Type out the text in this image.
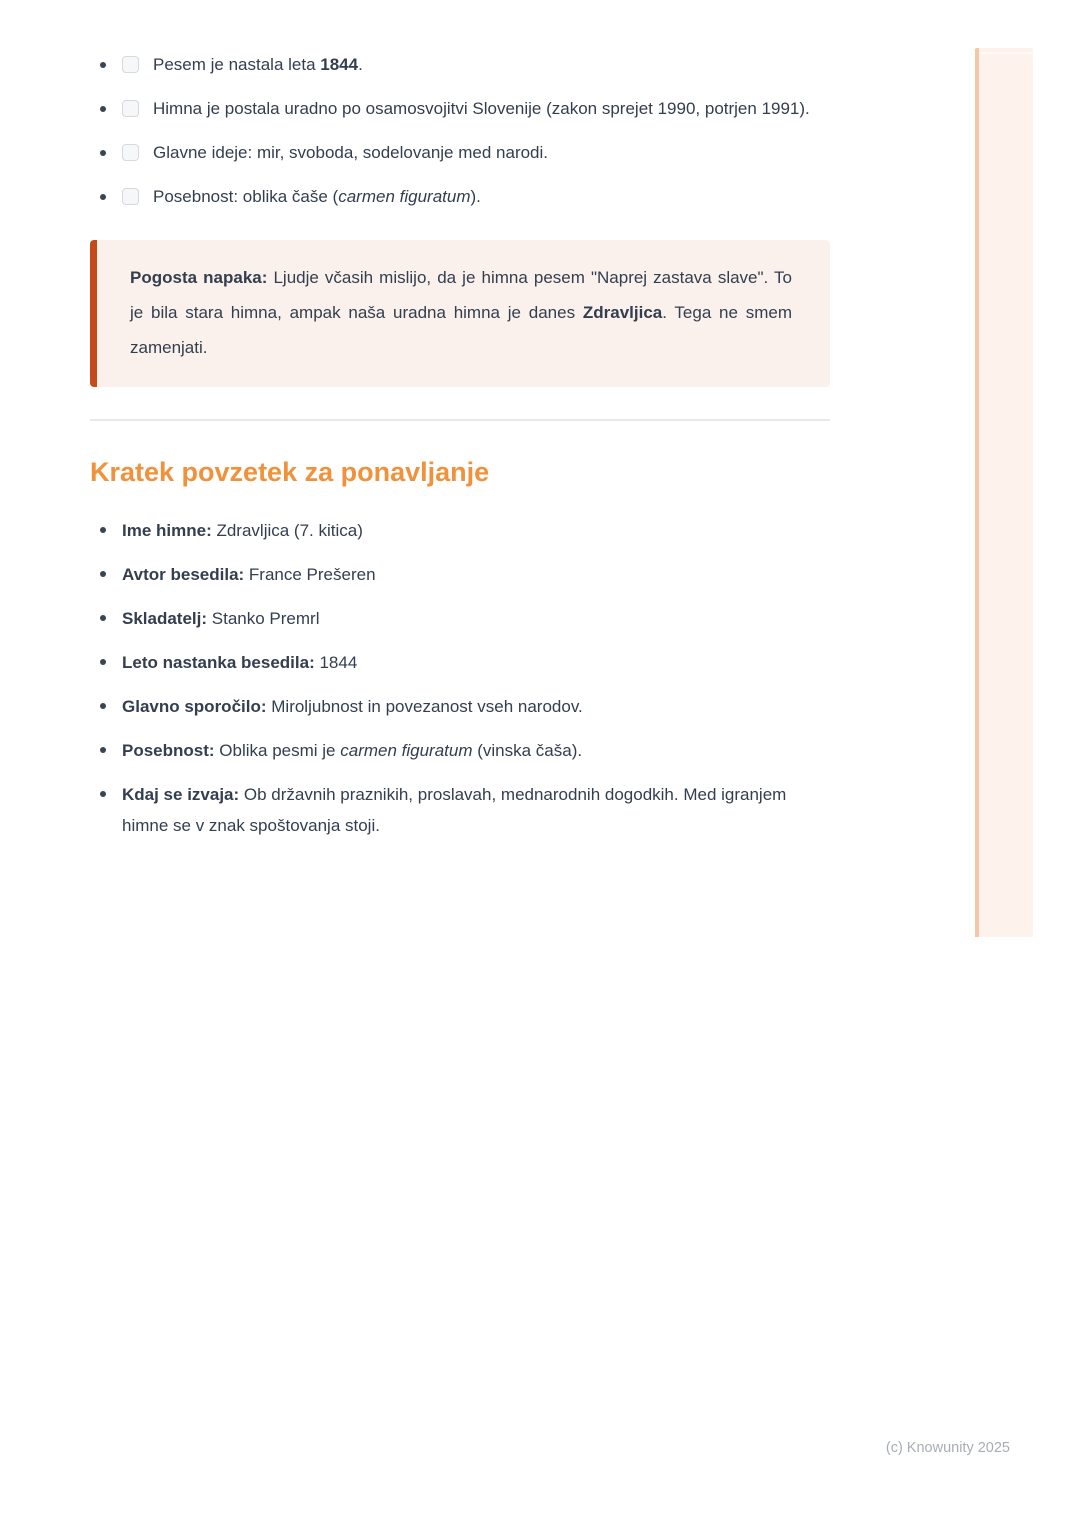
Pesem je nastala leta 1844.
Himna je postala uradno po osamosvojitvi Slovenije (zakon sprejet 1990, potrjen 1991).
Glavne ideje: mir, svoboda, sodelovanje med narodi.
Posebnost: oblika čaše (carmen figuratum).
Pogosta napaka: Ljudje včasih mislijo, da je himna pesem "Naprej zastava slave". To je bila stara himna, ampak naša uradna himna je danes Zdravljica. Tega ne smem zamenjati.
Kratek povzetek za ponavljanje
Ime himne: Zdravljica (7. kitica)
Avtor besedila: France Prešeren
Skladatelj: Stanko Premrl
Leto nastanka besedila: 1844
Glavno sporočilo: Miroljubnost in povezanost vseh narodov.
Posebnost: Oblika pesmi je carmen figuratum (vinska čaša).
Kdaj se izvaja: Ob državnih praznikih, proslavah, mednarodnih dogodkih. Med igranjem himne se v znak spoštovanja stoji.
(c) Knowunity 2025
